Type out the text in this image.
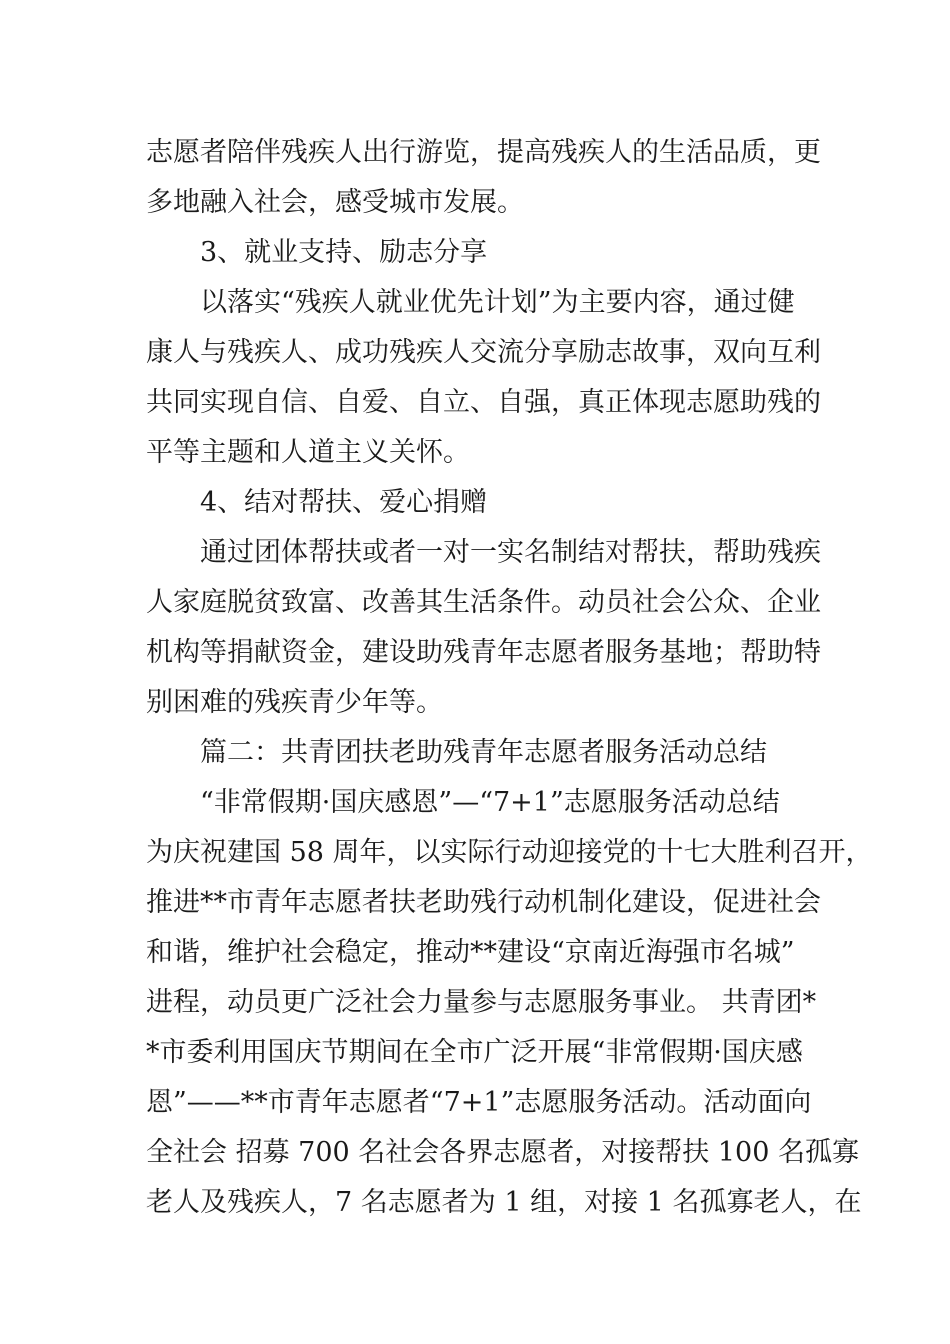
志愿者陪伴残疾人出行游览，提高残疾人的生活品质，更
多地融入社会，感受城市发展。
3、就业支持、励志分享
以落实“残疾人就业优先计划”为主要内容，通过健
康人与残疾人、成功残疾人交流分享励志故事，双向互利
共同实现自信、自爱、自立、自强，真正体现志愿助残的
平等主题和人道主义关怀。
4、结对帮扶、爱心捐赠
通过团体帮扶或者一对一实名制结对帮扶，帮助残疾
人家庭脱贫致富、改善其生活条件。动员社会公众、企业
机构等捐献资金，建设助残青年志愿者服务基地；帮助特
别困难的残疾青少年等。
篇二：共青团扶老助残青年志愿者服务活动总结
“非常假期·国庆感恩”—“7+1”志愿服务活动总结
为庆祝建国 58 周年，以实际行动迎接党的十七大胜利召开，
推进**市青年志愿者扶老助残行动机制化建设，促进社会
和谐，维护社会稳定，推动**建设“京南近海强市名城”
进程，动员更广泛社会力量参与志愿服务事业。 共青团*
*市委利用国庆节期间在全市广泛开展“非常假期·国庆感
恩”——**市青年志愿者“7+1”志愿服务活动。活动面向
全社会 招募 700 名社会各界志愿者，对接帮扶 100 名孤寡
老人及残疾人，7 名志愿者为 1 组，对接 1 名孤寡老人，在
